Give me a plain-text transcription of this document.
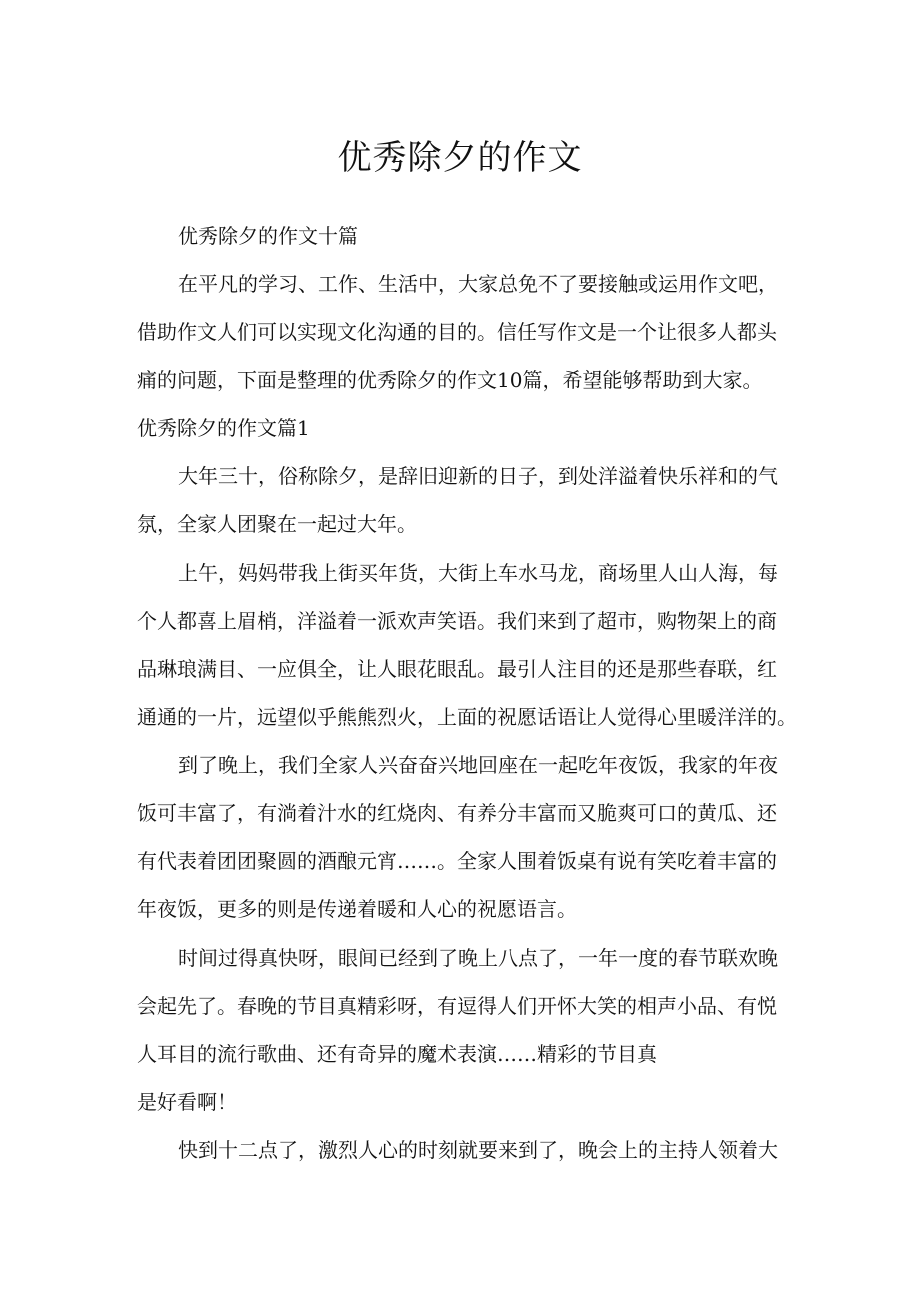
优秀除夕的作文

优秀除夕的作文十篇

在平凡的学习、工作、生活中，大家总免不了要接触或运用作文吧，

借助作文人们可以实现文化沟通的目的。信任写作文是一个让很多人都头

痛的问题，下面是整理的优秀除夕的作文10篇，希望能够帮助到大家。

优秀除夕的作文篇1

大年三十，俗称除夕，是辞旧迎新的日子，到处洋溢着快乐祥和的气

氛，全家人团聚在一起过大年。

上午，妈妈带我上街买年货，大街上车水马龙，商场里人山人海，每

个人都喜上眉梢，洋溢着一派欢声笑语。我们来到了超市，购物架上的商

品琳琅满目、一应俱全，让人眼花眼乱。最引人注目的还是那些春联，红

通通的一片，远望似乎熊熊烈火，上面的祝愿话语让人觉得心里暖洋洋的。

到了晚上，我们全家人兴奋奋兴地回座在一起吃年夜饭，我家的年夜

饭可丰富了，有淌着汁水的红烧肉、有养分丰富而又脆爽可口的黄瓜、还

有代表着团团聚圆的酒酿元宵……。全家人围着饭桌有说有笑吃着丰富的

年夜饭，更多的则是传递着暖和人心的祝愿语言。

时间过得真快呀，眼间已经到了晚上八点了，一年一度的春节联欢晚

会起先了。春晚的节目真精彩呀，有逗得人们开怀大笑的相声小品、有悦

人耳目的流行歌曲、还有奇异的魔术表演……精彩的节目真

是好看啊！

快到十二点了，激烈人心的时刻就要来到了，晚会上的主持人领着大
